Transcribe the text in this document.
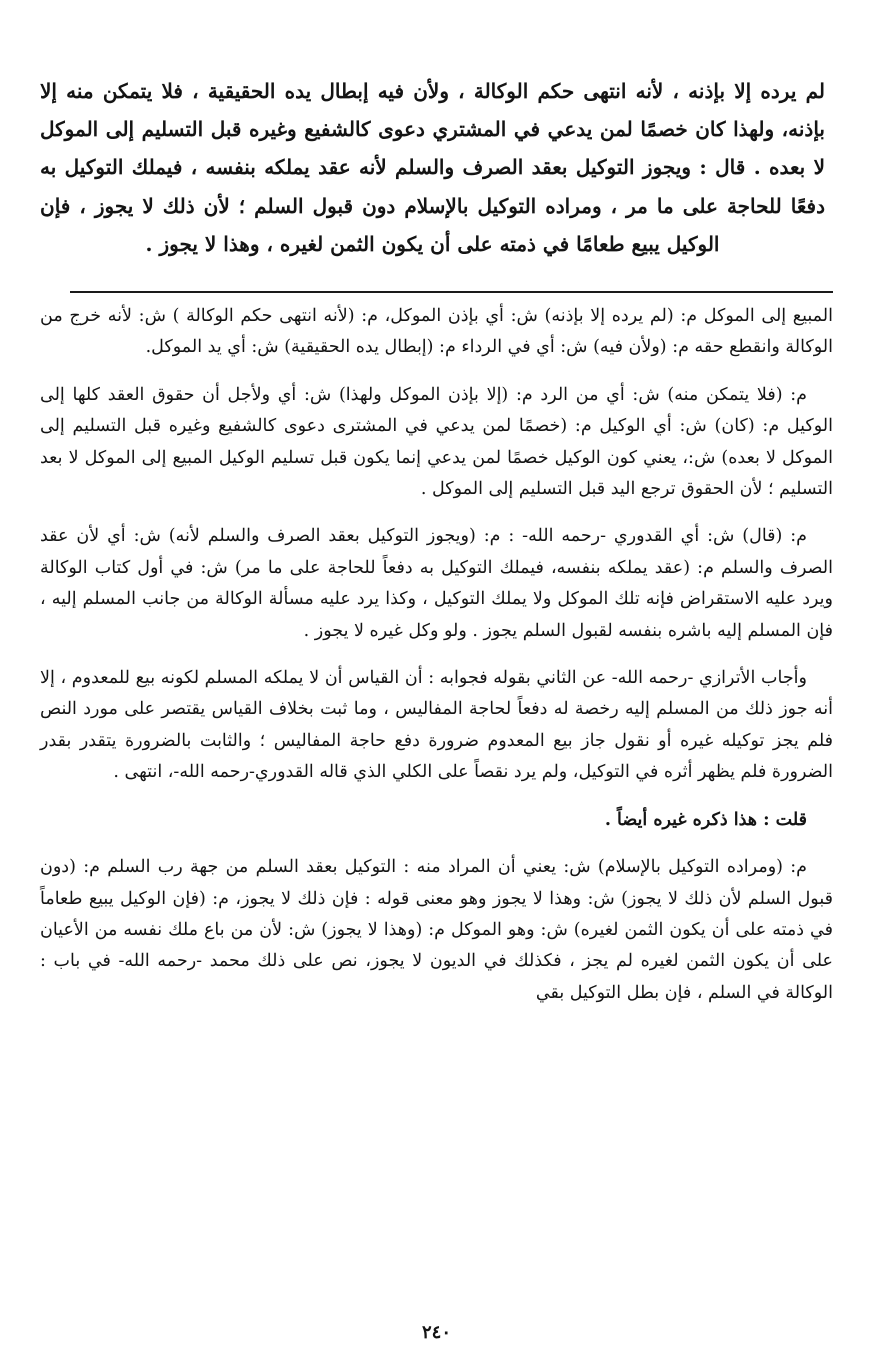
لم يرده إلا بإذنه ، لأنه انتهى حكم الوكالة ، ولأن فيه إبطال يده الحقيقية ، فلا يتمكن منه إلا بإذنه، ولهذا كان خصمًا لمن يدعي في المشتري دعوى كالشفيع وغيره قبل التسليم إلى الموكل لا بعده . قال : ويجوز التوكيل بعقد الصرف والسلم لأنه عقد يملكه بنفسه ، فيملك التوكيل به دفعًا للحاجة على ما مر ، ومراده التوكيل بالإسلام دون قبول السلم ؛ لأن ذلك لا يجوز ، فإن الوكيل يبيع طعامًا في ذمته على أن يكون الثمن لغيره ، وهذا لا يجوز .

المبيع إلى الموكل م: (لم يرده إلا بإذنه) ش: أي بإذن الموكل، م: (لأنه انتهى حكم الوكالة ) ش: لأنه خرج من الوكالة وانقطع حقه م: (ولأن فيه) ش: أي في الرداء م: (إبطال يده الحقيقية) ش: أي يد الموكل.

م: (فلا يتمكن منه) ش: أي من الرد م: (إلا بإذن الموكل ولهذا) ش: أي ولأجل أن حقوق العقد كلها إلى الوكيل م: (كان) ش: أي الوكيل م: (خصمًا لمن يدعي في المشترى دعوى كالشفيع وغيره قبل التسليم إلى الموكل لا بعده) ش:، يعني كون الوكيل خصمًا لمن يدعي إنما يكون قبل تسليم الوكيل المبيع إلى الموكل لا بعد التسليم ؛ لأن الحقوق ترجع اليد قبل التسليم إلى الموكل .

م: (قال) ش: أي القدوري -رحمه الله- : م: (ويجوز التوكيل بعقد الصرف والسلم لأنه) ش: أي لأن عقد الصرف والسلم م: (عقد يملكه بنفسه، فيملك التوكيل به دفعاً للحاجة على ما مر) ش: في أول كتاب الوكالة ويرد عليه الاستقراض فإنه تلك الموكل ولا يملك التوكيل ، وكذا يرد عليه مسألة الوكالة من جانب المسلم إليه ، فإن المسلم إليه باشره بنفسه لقبول السلم يجوز . ولو وكل غيره لا يجوز .

وأجاب الأترازي -رحمه الله- عن الثاني بقوله فجوابه : أن القياس أن لا يملكه المسلم لكونه بيع للمعدوم ، إلا أنه جوز ذلك من المسلم إليه رخصة له دفعاً لحاجة المفاليس ، وما ثبت بخلاف القياس يقتصر على مورد النص فلم يجز توكيله غيره أو نقول جاز بيع المعدوم ضرورة دفع حاجة المفاليس ؛ والثابت بالضرورة يتقدر بقدر الضرورة فلم يظهر أثره في التوكيل، ولم يرد نقصاً على الكلي الذي قاله القدوري-رحمه الله-، انتهى .

قلت : هذا ذكره غيره أيضاً .

م: (ومراده التوكيل بالإسلام) ش: يعني أن المراد منه : التوكيل بعقد السلم من جهة رب السلم م: (دون قبول السلم لأن ذلك لا يجوز) ش: وهذا لا يجوز وهو معنى قوله : فإن ذلك لا يجوز، م: (فإن الوكيل يبيع طعاماً في ذمته على أن يكون الثمن لغيره) ش: وهو الموكل م: (وهذا لا يجوز) ش: لأن من باع ملك نفسه من الأعيان على أن يكون الثمن لغيره لم يجز ، فكذلك في الديون لا يجوز، نص على ذلك محمد -رحمه الله- في باب : الوكالة في السلم ، فإن بطل التوكيل بقي

٢٤٠
